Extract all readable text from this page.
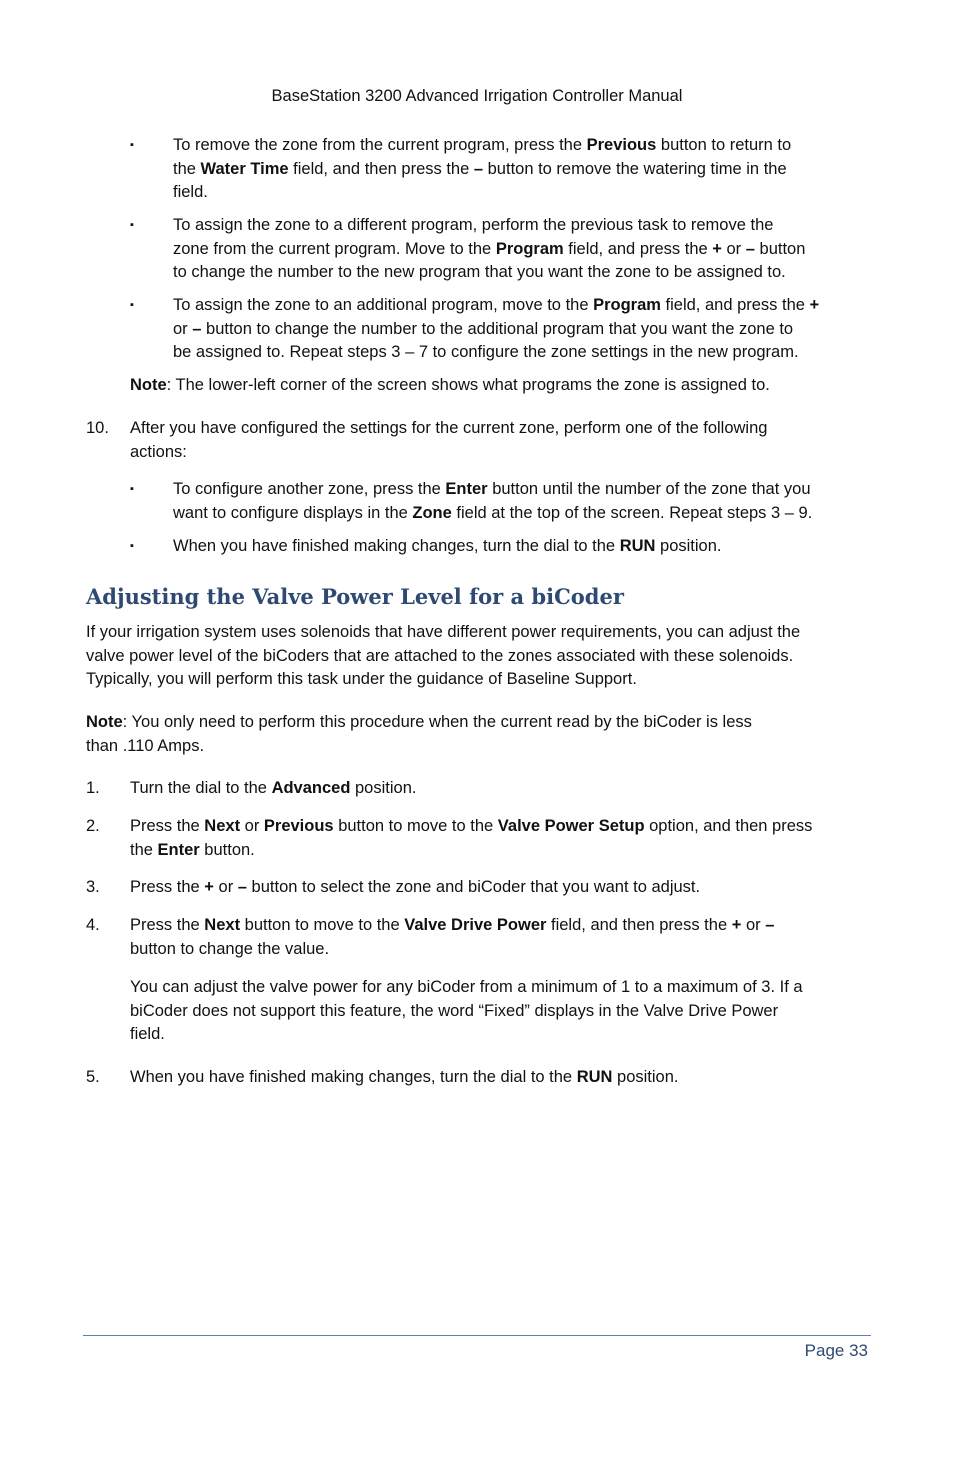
BaseStation 3200 Advanced Irrigation Controller Manual
▪ To remove the zone from the current program, press the Previous button to return to
the Water Time field, and then press the – button to remove the watering time in the
field.
▪ To assign the zone to a different program, perform the previous task to remove the
zone from the current program. Move to the Program field, and press the + or – button
to change the number to the new program that you want the zone to be assigned to.
▪ To assign the zone to an additional program, move to the Program field, and press the +
or – button to change the number to the additional program that you want the zone to
be assigned to. Repeat steps 3 – 7 to configure the zone settings in the new program.
Note: The lower-left corner of the screen shows what programs the zone is assigned to.
10. After you have configured the settings for the current zone, perform one of the following
actions:
▪ To configure another zone, press the Enter button until the number of the zone that you
want to configure displays in the Zone field at the top of the screen. Repeat steps 3 – 9.
▪ When you have finished making changes, turn the dial to the RUN position.
Adjusting the Valve Power Level for a biCoder
If your irrigation system uses solenoids that have different power requirements, you can adjust the
valve power level of the biCoders that are attached to the zones associated with these solenoids.
Typically, you will perform this task under the guidance of Baseline Support.
Note: You only need to perform this procedure when the current read by the biCoder is less
than .110 Amps.
1. Turn the dial to the Advanced position.
2. Press the Next or Previous button to move to the Valve Power Setup option, and then press
the Enter button.
3. Press the + or – button to select the zone and biCoder that you want to adjust.
4. Press the Next button to move to the Valve Drive Power field, and then press the + or –
button to change the value.
You can adjust the valve power for any biCoder from a minimum of 1 to a maximum of 3. If a
biCoder does not support this feature, the word “Fixed” displays in the Valve Drive Power
field.
5. When you have finished making changes, turn the dial to the RUN position.
Page 33
